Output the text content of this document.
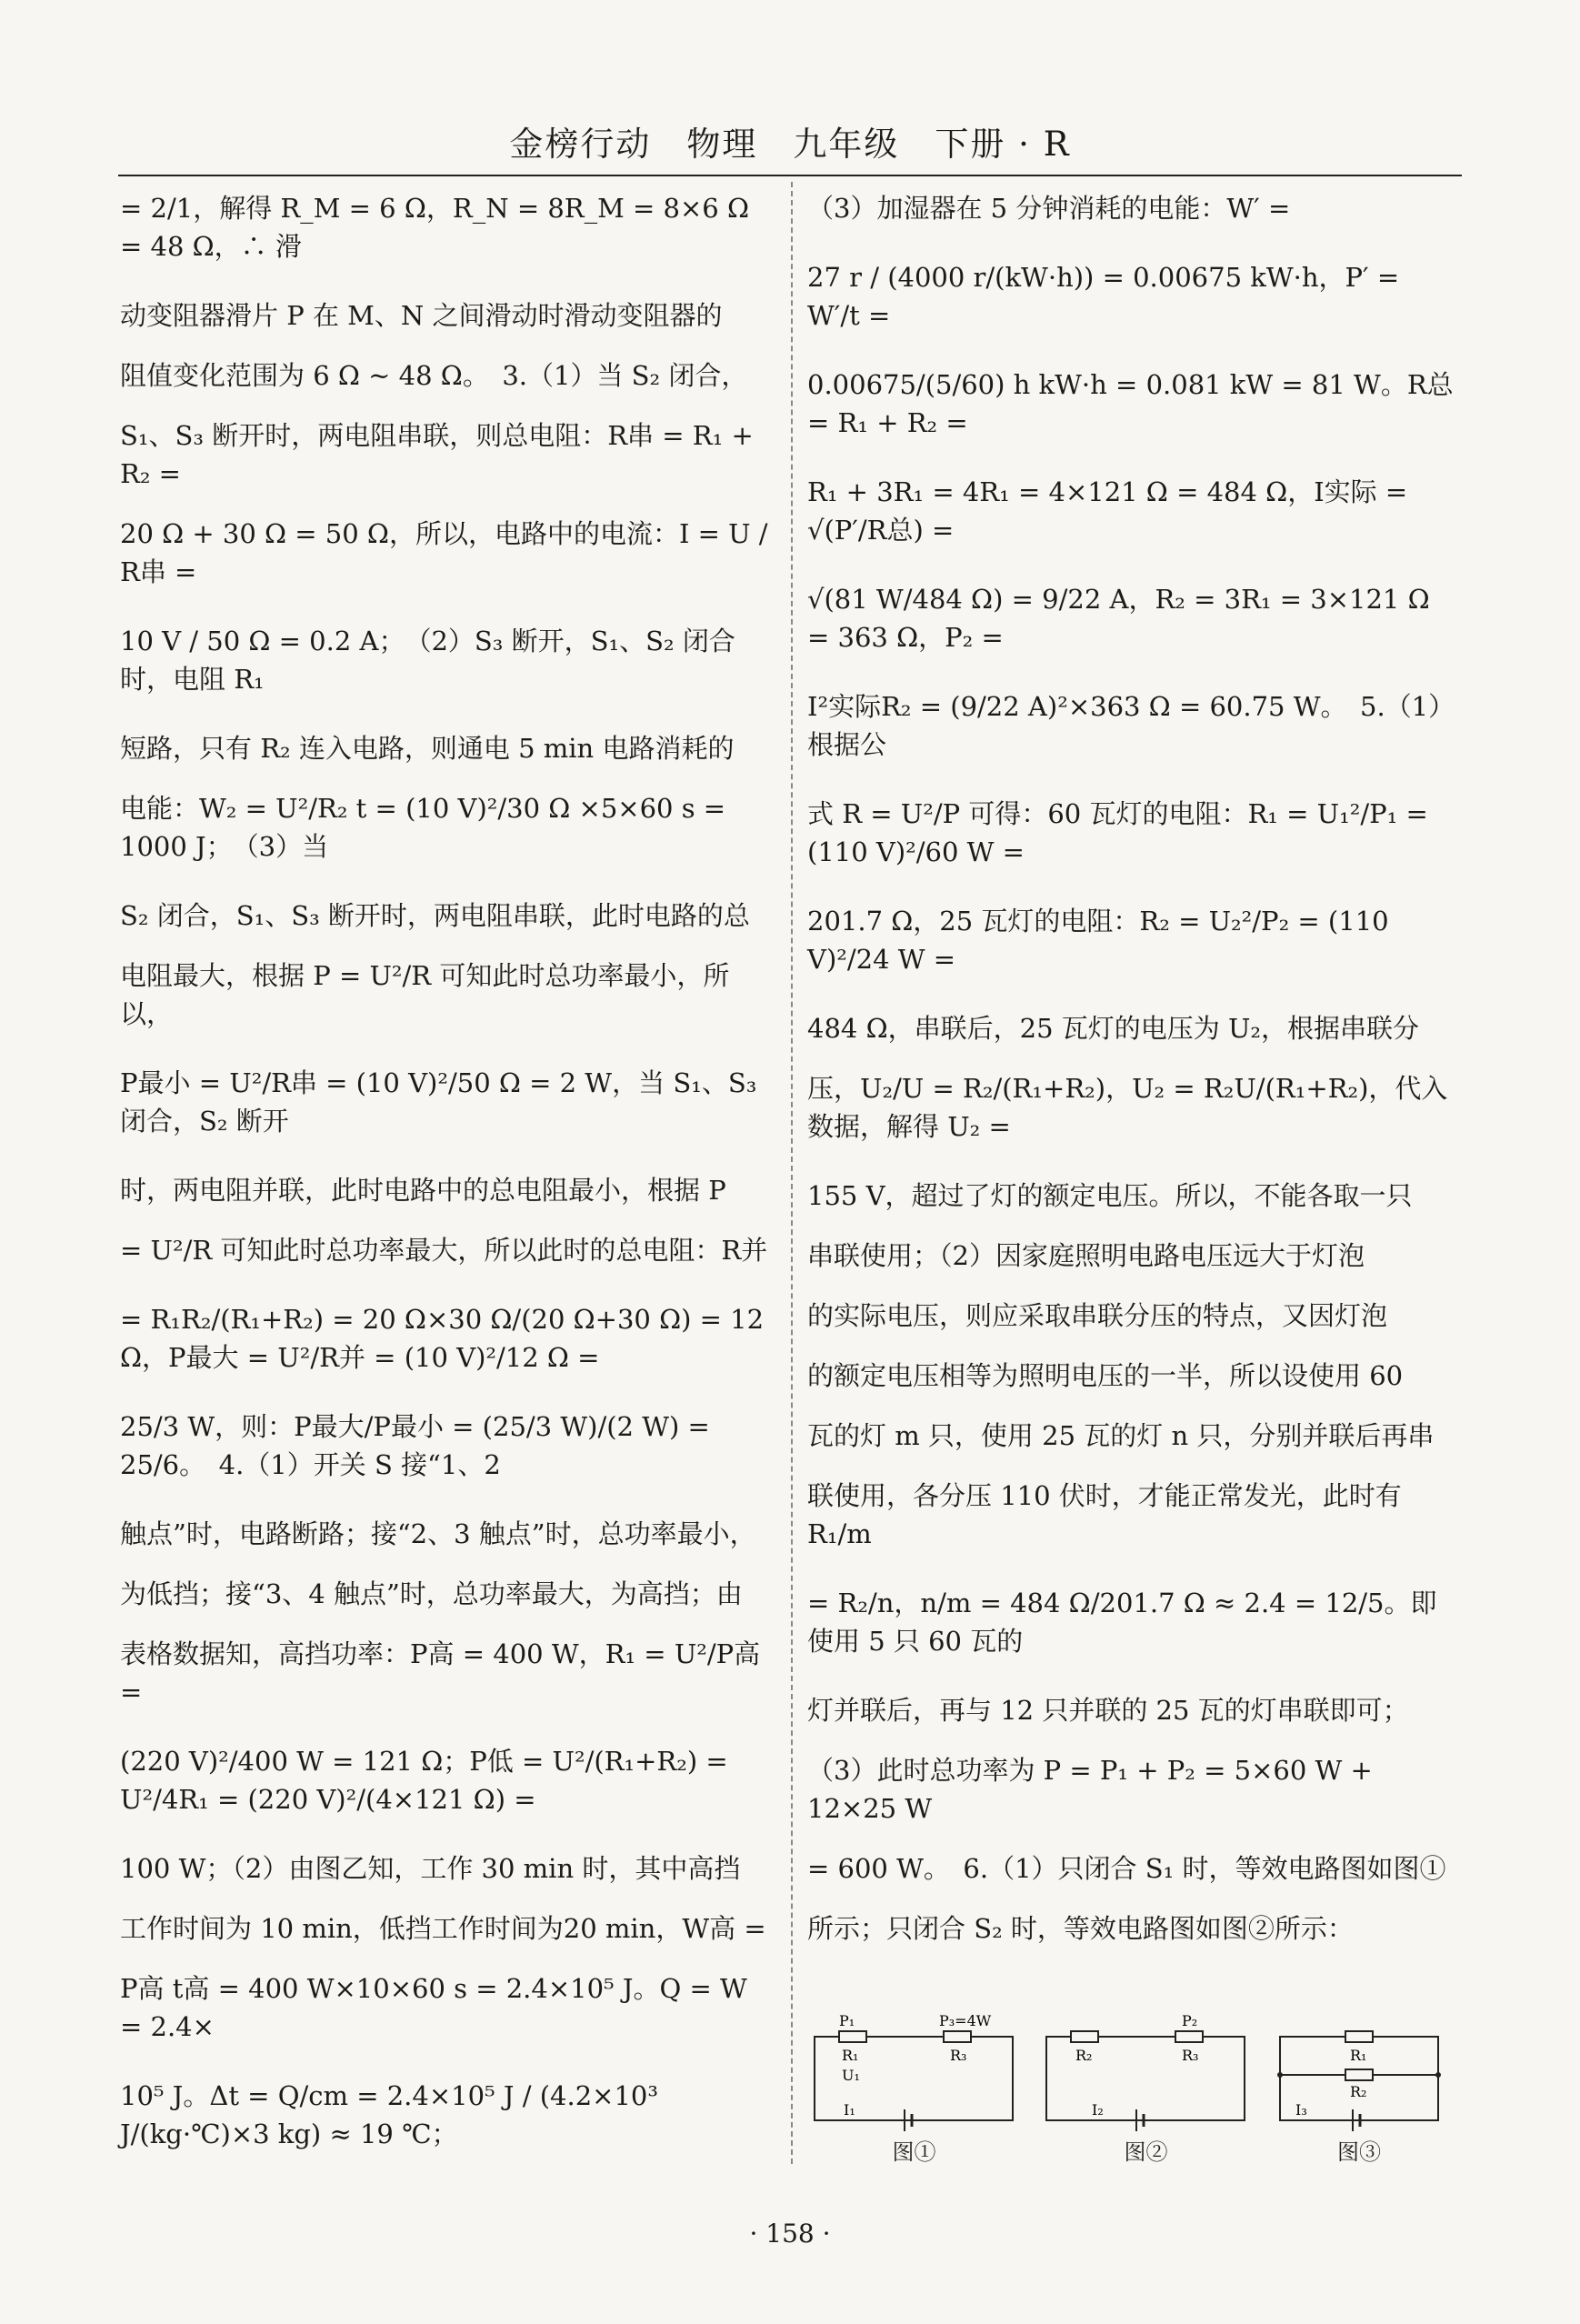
金榜行动　物理　九年级　下册 · R
= 2/1，解得 R_M = 6 Ω，R_N = 8R_M = 8×6 Ω = 48 Ω，∴ 滑
动变阻器滑片 P 在 M、N 之间滑动时滑动变阻器的
阻值变化范围为 6 Ω ~ 48 Ω。　3.（1）当 S₂ 闭合，
S₁、S₃ 断开时，两电阻串联，则总电阻：R串 = R₁ + R₂ =
20 Ω + 30 Ω = 50 Ω，所以，电路中的电流：I = U / R串 =
10 V / 50 Ω = 0.2 A；　（2）S₃ 断开，S₁、S₂ 闭合时，电阻 R₁
短路，只有 R₂ 连入电路，则通电 5 min 电路消耗的
电能：W₂ = U²/R₂ t = (10 V)²/30 Ω ×5×60 s = 1000 J；　（3）当
S₂ 闭合，S₁、S₃ 断开时，两电阻串联，此时电路的总
电阻最大，根据 P = U²/R 可知此时总功率最小，所以，
P最小 = U²/R串 = (10 V)²/50 Ω = 2 W，当 S₁、S₃ 闭合，S₂ 断开
时，两电阻并联，此时电路中的总电阻最小，根据 P
= U²/R 可知此时总功率最大，所以此时的总电阻：R并
= R₁R₂/(R₁+R₂) = 20 Ω×30 Ω/(20 Ω+30 Ω) = 12 Ω，P最大 = U²/R并 = (10 V)²/12 Ω =
25/3 W，则：P最大/P最小 = (25/3 W)/(2 W) = 25/6。　4.（1）开关 S 接“1、2
触点”时，电路断路；接“2、3 触点”时，总功率最小，
为低挡；接“3、4 触点”时，总功率最大，为高挡；由
表格数据知，高挡功率：P高 = 400 W，R₁ = U²/P高 =
(220 V)²/400 W = 121 Ω；P低 = U²/(R₁+R₂) = U²/4R₁ = (220 V)²/(4×121 Ω) =
100 W；（2）由图乙知，工作 30 min 时，其中高挡
工作时间为 10 min，低挡工作时间为20 min，W高 =
P高 t高 = 400 W×10×60 s = 2.4×10⁵ J。Q = W = 2.4×
10⁵ J。Δt = Q/cm = 2.4×10⁵ J / (4.2×10³ J/(kg·℃)×3 kg) ≈ 19 ℃；
（3）加湿器在 5 分钟消耗的电能：W′ =
27 r / (4000 r/(kW·h)) = 0.00675 kW·h，P′ = W′/t =
0.00675/(5/60) h kW·h = 0.081 kW = 81 W。R总 = R₁ + R₂ =
R₁ + 3R₁ = 4R₁ = 4×121 Ω = 484 Ω，I实际 = √(P′/R总) =
√(81 W/484 Ω) = 9/22 A，R₂ = 3R₁ = 3×121 Ω = 363 Ω，P₂ =
I²实际R₂ = (9/22 A)²×363 Ω = 60.75 W。　5.（1）根据公
式 R = U²/P 可得：60 瓦灯的电阻：R₁ = U₁²/P₁ = (110 V)²/60 W =
201.7 Ω，25 瓦灯的电阻：R₂ = U₂²/P₂ = (110 V)²/24 W =
484 Ω，串联后，25 瓦灯的电压为 U₂，根据串联分
压，U₂/U = R₂/(R₁+R₂)，U₂ = R₂U/(R₁+R₂)，代入数据，解得 U₂ =
155 V，超过了灯的额定电压。所以，不能各取一只
串联使用；（2）因家庭照明电路电压远大于灯泡
的实际电压，则应采取串联分压的特点，又因灯泡
的额定电压相等为照明电压的一半，所以设使用 60
瓦的灯 m 只，使用 25 瓦的灯 n 只，分别并联后再串
联使用，各分压 110 伏时，才能正常发光，此时有 R₁/m
= R₂/n，n/m = 484 Ω/201.7 Ω ≈ 2.4 = 12/5。即使用 5 只 60 瓦的
灯并联后，再与 12 只并联的 25 瓦的灯串联即可；
（3）此时总功率为 P = P₁ + P₂ = 5×60 W + 12×25 W
= 600 W。　6.（1）只闭合 S₁ 时，等效电路图如图①
所示；只闭合 S₂ 时，等效电路图如图②所示：
P₁	P₃=4W
R₁
U₁
R₃
I₁
图①
P₂
R₂	R₃
I₂
图②
R₁
R₂
I₃
图③
· 158 ·
